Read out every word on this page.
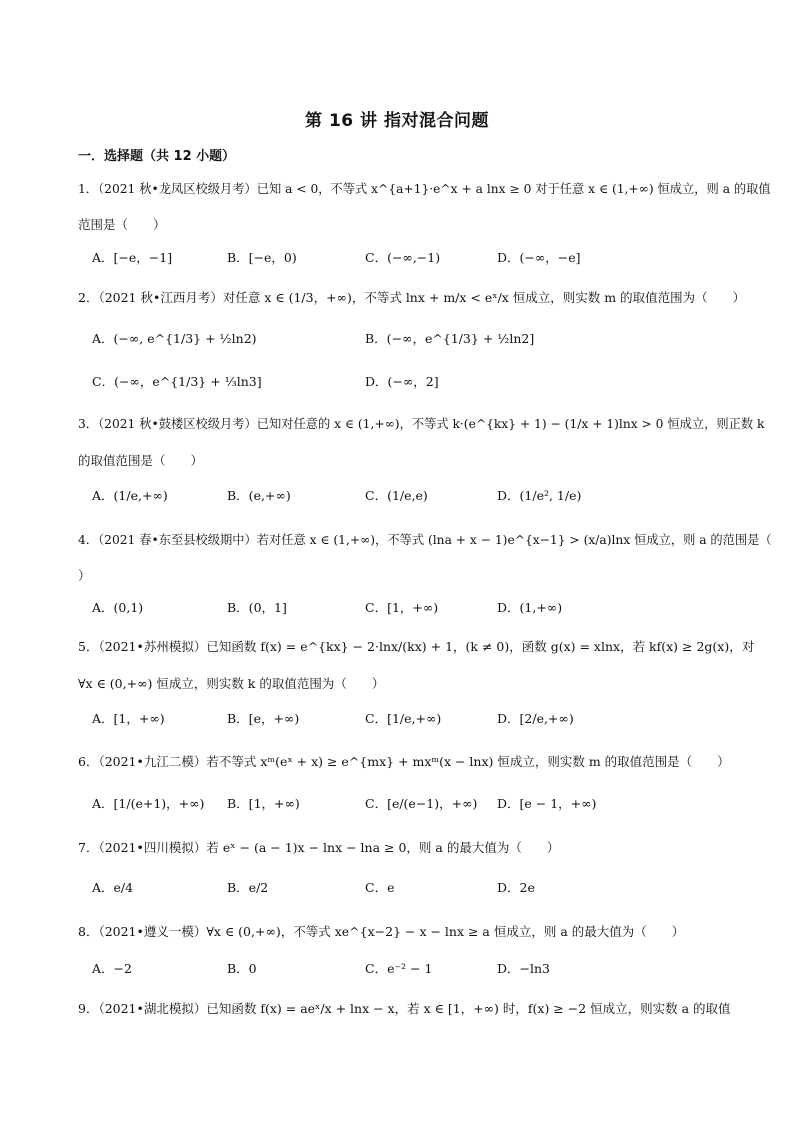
第 16 讲 指对混合问题
一．选择题（共 12 小题）
1．（2021 秋•龙凤区校级月考）已知 a < 0，不等式 x^{a+1}·e^x + a lnx ≥ 0 对于任意 x ∈ (1,+∞) 恒成立，则 a 的取值
范围是（　　）
A．[−e，−1]	B．[−e，0)	C．(−∞,−1)	D．(−∞，−e]
2．（2021 秋•江西月考）对任意 x ∈ (1/3，+∞)，不等式 lnx + m/x < eˣ/x 恒成立，则实数 m 的取值范围为（　　）
A．(−∞, e^{1/3} + ½ln2)	B．(−∞，e^{1/3} + ½ln2]
C．(−∞，e^{1/3} + ⅓ln3]	D．(−∞，2]
3．（2021 秋•鼓楼区校级月考）已知对任意的 x ∈ (1,+∞)，不等式 k·(e^{kx} + 1) − (1/x + 1)lnx > 0 恒成立，则正数 k
的取值范围是（　　）
A．(1/e,+∞)	B．(e,+∞)	C．(1/e,e)	D．(1/e², 1/e)
4．（2021 春•东至县校级期中）若对任意 x ∈ (1,+∞)，不等式 (lna + x − 1)e^{x−1} > (x/a)lnx 恒成立，则 a 的范围是（
）
A．(0,1)	B．(0，1]	C．[1，+∞)	D．(1,+∞)
5．（2021•苏州模拟）已知函数 f(x) = e^{kx} − 2·lnx/(kx) + 1，(k ≠ 0)，函数 g(x) = xlnx，若 kf(x) ≥ 2g(x)，对
∀x ∈ (0,+∞) 恒成立，则实数 k 的取值范围为（　　）
A．[1，+∞)	B．[e，+∞)	C．[1/e,+∞)	D．[2/e,+∞)
6．（2021•九江二模）若不等式 xᵐ(eˣ + x) ≥ e^{mx} + mxᵐ(x − lnx) 恒成立，则实数 m 的取值范围是（　　）
A．[1/(e+1)，+∞) B．[1，+∞)	C．[e/(e−1)，+∞) D．[e − 1，+∞)
7．（2021•四川模拟）若 eˣ − (a − 1)x − lnx − lna ≥ 0，则 a 的最大值为（　　）
A．e/4	B．e/2	C．e	D．2e
8．（2021•遵义一模）∀x ∈ (0,+∞)，不等式 xe^{x−2} − x − lnx ≥ a 恒成立，则 a 的最大值为（　　）
A．−2	B．0	C．e⁻² − 1	D．−ln3
9．（2021•湖北模拟）已知函数 f(x) = aeˣ/x + lnx − x，若 x ∈ [1，+∞) 时，f(x) ≥ −2 恒成立，则实数 a 的取值
